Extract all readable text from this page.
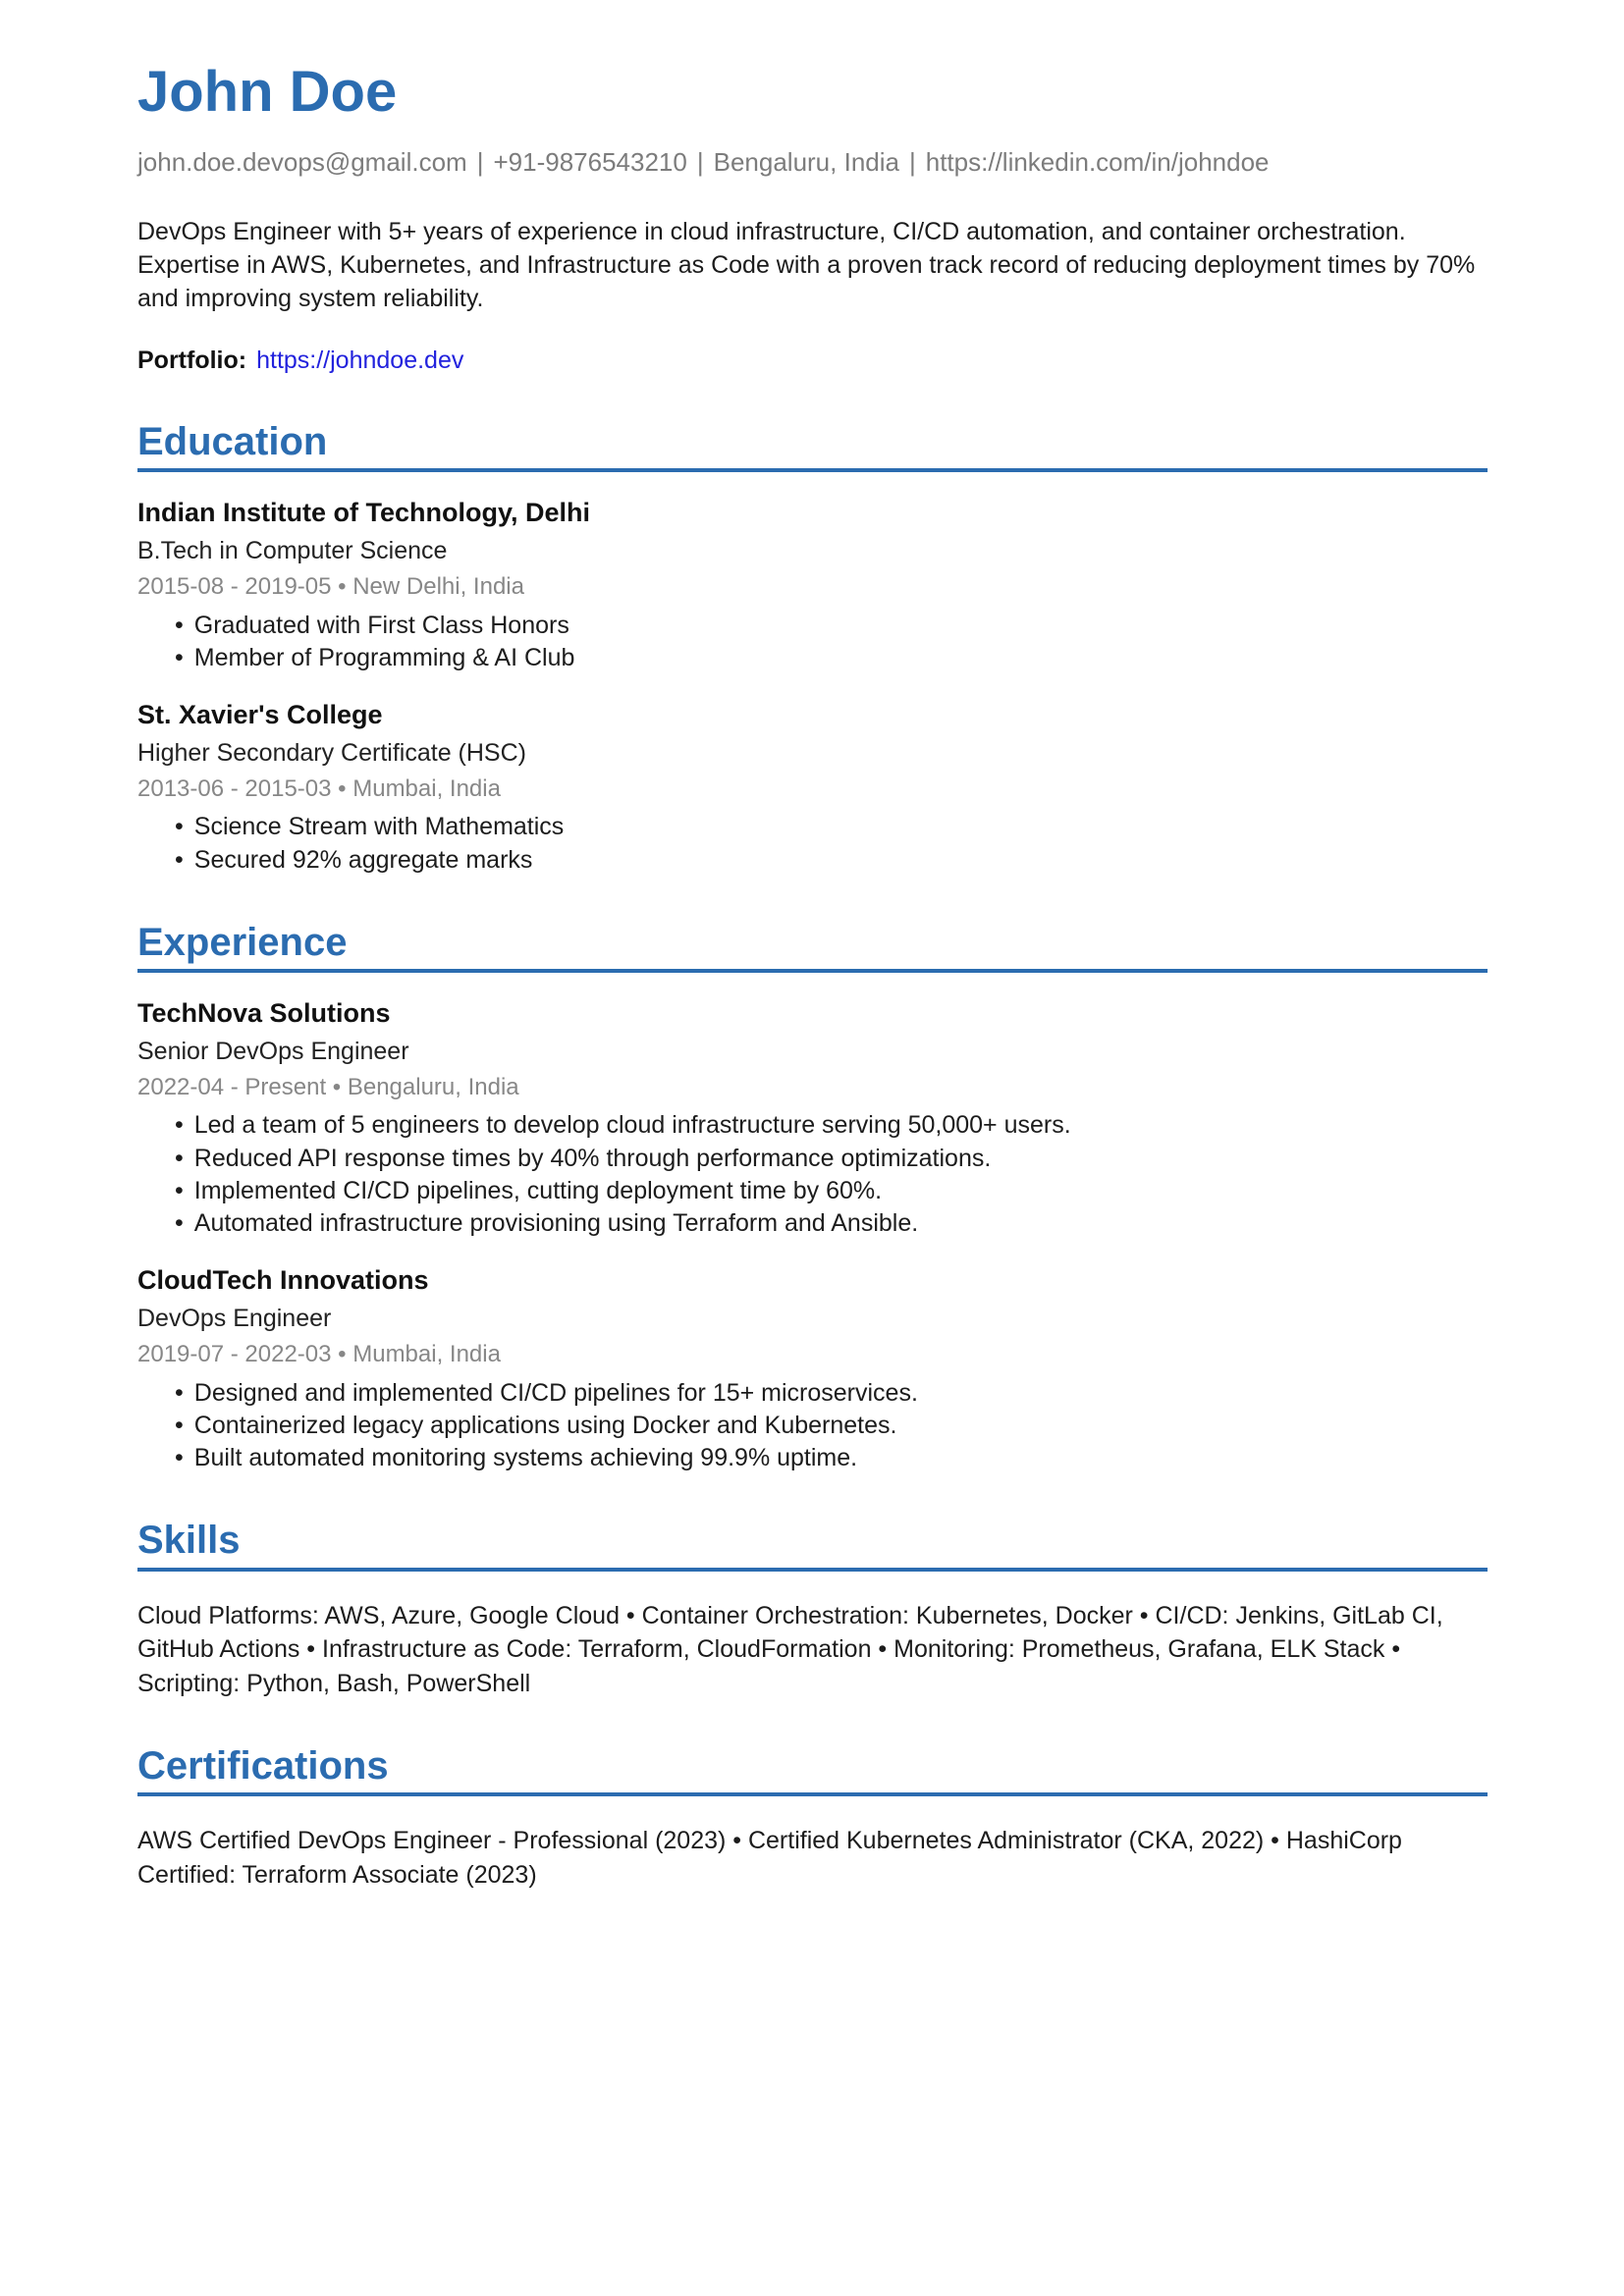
John Doe
john.doe.devops@gmail.com | +91-9876543210 | Bengaluru, India | https://linkedin.com/in/johndoe
DevOps Engineer with 5+ years of experience in cloud infrastructure, CI/CD automation, and container orchestration. Expertise in AWS, Kubernetes, and Infrastructure as Code with a proven track record of reducing deployment times by 70% and improving system reliability.
Portfolio: https://johndoe.dev
Education
Indian Institute of Technology, Delhi
B.Tech in Computer Science
2015-08 - 2019-05 • New Delhi, India
• Graduated with First Class Honors
• Member of Programming & AI Club
St. Xavier's College
Higher Secondary Certificate (HSC)
2013-06 - 2015-03 • Mumbai, India
• Science Stream with Mathematics
• Secured 92% aggregate marks
Experience
TechNova Solutions
Senior DevOps Engineer
2022-04 - Present • Bengaluru, India
• Led a team of 5 engineers to develop cloud infrastructure serving 50,000+ users.
• Reduced API response times by 40% through performance optimizations.
• Implemented CI/CD pipelines, cutting deployment time by 60%.
• Automated infrastructure provisioning using Terraform and Ansible.
CloudTech Innovations
DevOps Engineer
2019-07 - 2022-03 • Mumbai, India
• Designed and implemented CI/CD pipelines for 15+ microservices.
• Containerized legacy applications using Docker and Kubernetes.
• Built automated monitoring systems achieving 99.9% uptime.
Skills
Cloud Platforms: AWS, Azure, Google Cloud • Container Orchestration: Kubernetes, Docker • CI/CD: Jenkins, GitLab CI, GitHub Actions • Infrastructure as Code: Terraform, CloudFormation • Monitoring: Prometheus, Grafana, ELK Stack • Scripting: Python, Bash, PowerShell
Certifications
AWS Certified DevOps Engineer - Professional (2023) • Certified Kubernetes Administrator (CKA, 2022) • HashiCorp Certified: Terraform Associate (2023)
